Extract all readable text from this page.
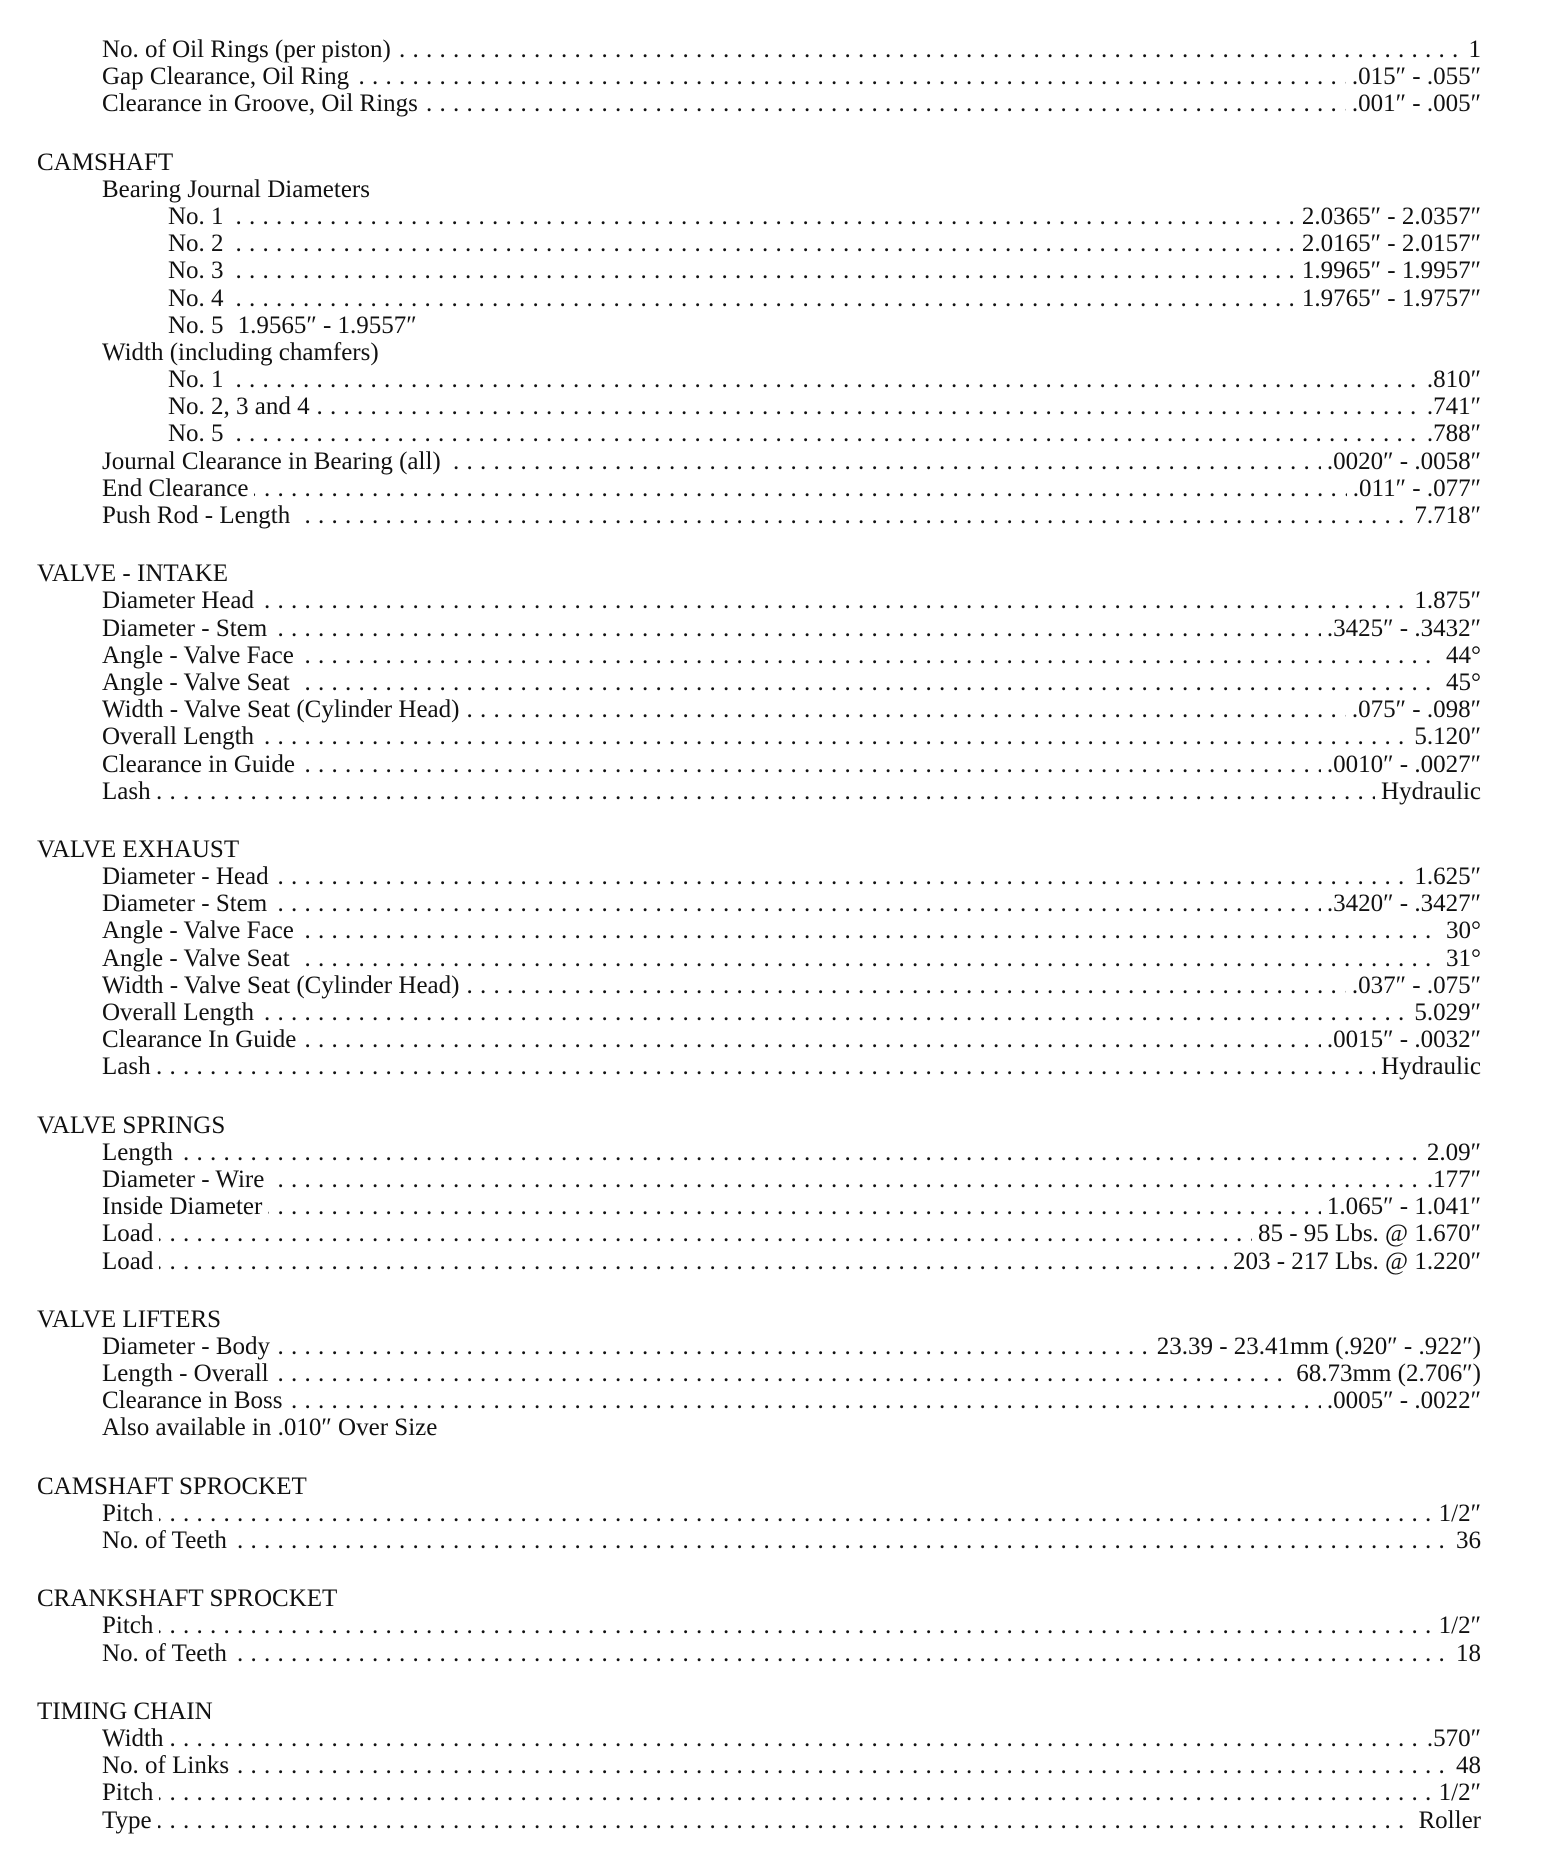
. . . No. of Oil Rings (per piston)	1
. . . Gap Clearance, Oil Ring	.015″ - .055″
. . . Clearance in Groove, Oil Rings	.001″ - .005″
CAMSHAFT
Bearing Journal Diameters
. . . No. 1	2.0365″ - 2.0357″
. . . No. 2	2.0165″ - 2.0157″
. . . No. 3	1.9965″ - 1.9957″
. . . No. 4	1.9765″ - 1.9757″
No. 5 1.9565″ - 1.9557″
Width (including chamfers)
. . . No. 1	.810″
. . . No. 2, 3 and 4	.741″
. . . No. 5	.788″
. . . Journal Clearance in Bearing (all)	.0020″ - .0058″
. . . End Clearance	.011″ - .077″
. . . Push Rod - Length	7.718″
VALVE - INTAKE
. . . Diameter Head	1.875″
. . . Diameter - Stem	.3425″ - .3432″
. . . Angle - Valve Face	44°
. . . Angle - Valve Seat	45°
. . . Width - Valve Seat (Cylinder Head)	.075″ - .098″
. . . Overall Length	5.120″
. . . Clearance in Guide	.0010″ - .0027″
. . . Lash	Hydraulic
VALVE EXHAUST
. . . Diameter - Head	1.625″
. . . Diameter - Stem	.3420″ - .3427″
. . . Angle - Valve Face	30°
. . . Angle - Valve Seat	31°
. . . Width - Valve Seat (Cylinder Head)	.037″ - .075″
. . . Overall Length	5.029″
. . . Clearance In Guide	.0015″ - .0032″
. . . Lash	Hydraulic
VALVE SPRINGS
. . . Length	2.09″
. . . Diameter - Wire	.177″
. . . Inside Diameter	1.065″ - 1.041″
. . . Load	85 - 95 Lbs. @ 1.670″
. . . Load	203 - 217 Lbs. @ 1.220″
VALVE LIFTERS
. . . Diameter - Body	23.39 - 23.41mm (.920″ - .922″)
. . . Length - Overall	68.73mm (2.706″)
. . . Clearance in Boss	.0005″ - .0022″
Also available in .010″ Over Size
CAMSHAFT SPROCKET
. . . Pitch	1/2″
. . . No. of Teeth	36
CRANKSHAFT SPROCKET
. . . Pitch	1/2″
. . . No. of Teeth	18
TIMING CHAIN
. . . Width	.570″
. . . No. of Links	48
. . . Pitch	1/2″
. . . Type	Roller
